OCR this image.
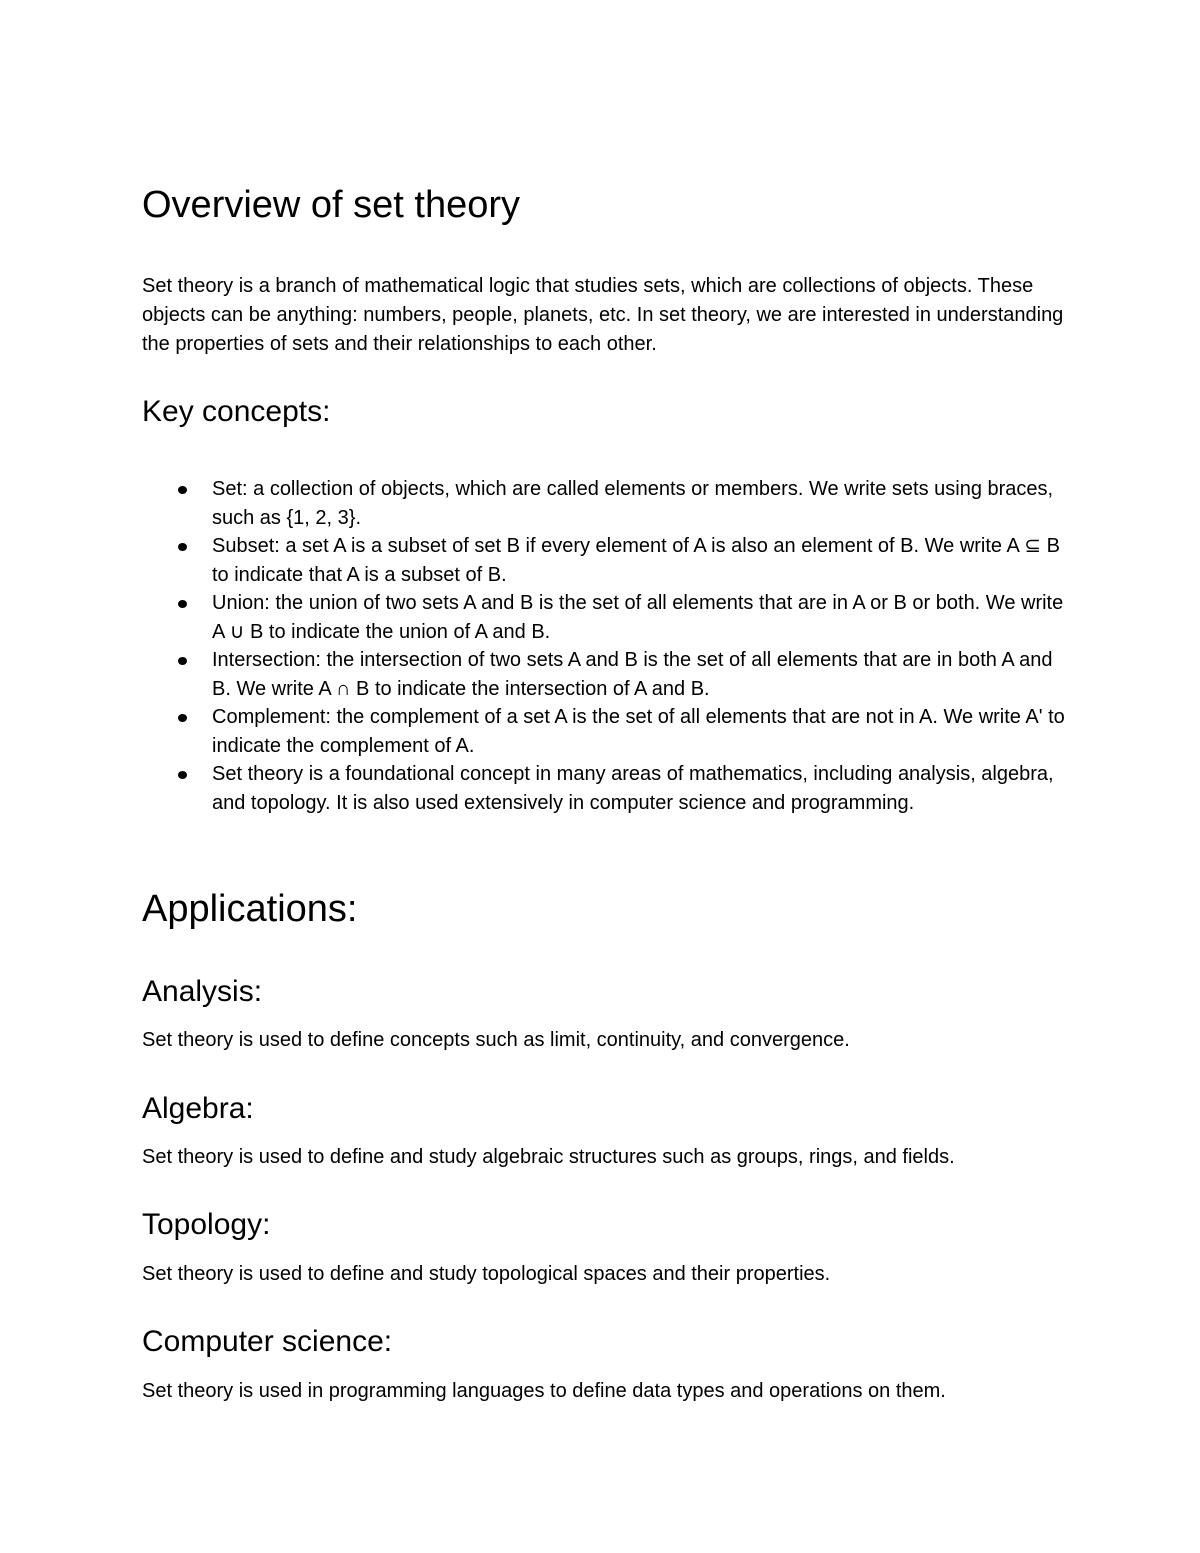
Overview of set theory

Set theory is a branch of mathematical logic that studies sets, which are collections of objects. These objects can be anything: numbers, people, planets, etc. In set theory, we are interested in understanding the properties of sets and their relationships to each other.

Key concepts:
Set: a collection of objects, which are called elements or members. We write sets using braces, such as {1, 2, 3}.
Subset: a set A is a subset of set B if every element of A is also an element of B. We write A ⊆ B to indicate that A is a subset of B.
Union: the union of two sets A and B is the set of all elements that are in A or B or both. We write A ∪ B to indicate the union of A and B.
Intersection: the intersection of two sets A and B is the set of all elements that are in both A and B. We write A ∩ B to indicate the intersection of A and B.
Complement: the complement of a set A is the set of all elements that are not in A. We write A' to indicate the complement of A.
Set theory is a foundational concept in many areas of mathematics, including analysis, algebra, and topology. It is also used extensively in computer science and programming.
Applications:
Analysis:

Set theory is used to define concepts such as limit, continuity, and convergence.

Algebra:

Set theory is used to define and study algebraic structures such as groups, rings, and fields.

Topology:

Set theory is used to define and study topological spaces and their properties.

Computer science:

Set theory is used in programming languages to define data types and operations on them.
